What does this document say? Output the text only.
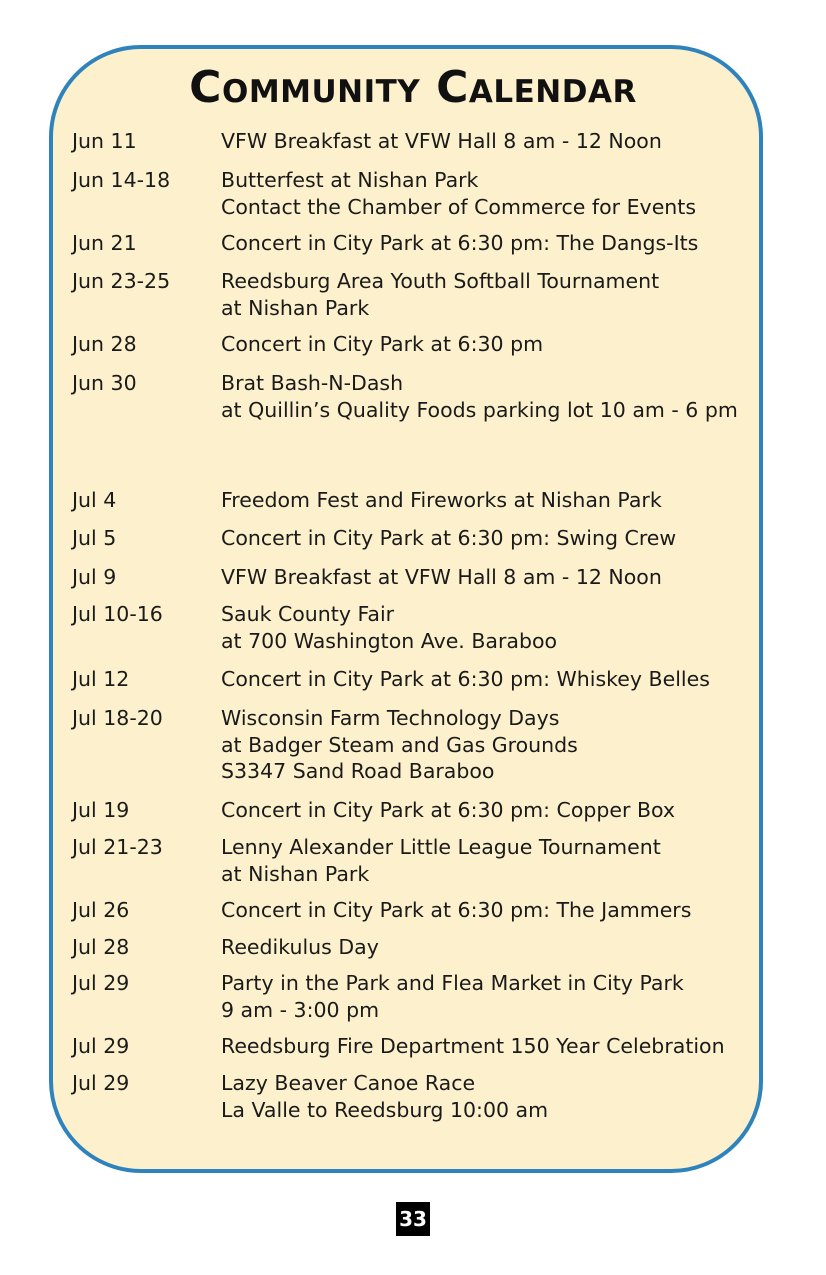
Community Calendar
Jun 11	VFW Breakfast at VFW Hall 8 am - 12 Noon
Jun 14-18	Butterfest at Nishan Park
Contact the Chamber of Commerce for Events
Jun 21	Concert in City Park at 6:30 pm: The Dangs-Its
Jun 23-25	Reedsburg Area Youth Softball Tournament
at Nishan Park
Jun 28	Concert in City Park at 6:30 pm
Jun 30	Brat Bash-N-Dash
at Quillin’s Quality Foods parking lot 10 am - 6 pm
Jul 4	Freedom Fest and Fireworks at Nishan Park
Jul 5	Concert in City Park at 6:30 pm: Swing Crew
Jul 9	VFW Breakfast at VFW Hall 8 am - 12 Noon
Jul 10-16	Sauk County Fair
at 700 Washington Ave. Baraboo
Jul 12	Concert in City Park at 6:30 pm: Whiskey Belles
Jul 18-20	Wisconsin Farm Technology Days
at Badger Steam and Gas Grounds
S3347 Sand Road Baraboo
Jul 19	Concert in City Park at 6:30 pm: Copper Box
Jul 21-23	Lenny Alexander Little League Tournament
at Nishan Park
Jul 26	Concert in City Park at 6:30 pm: The Jammers
Jul 28	Reedikulus Day
Jul 29	Party in the Park and Flea Market in City Park
9 am - 3:00 pm
Jul 29	Reedsburg Fire Department 150 Year Celebration
Jul 29	Lazy Beaver Canoe Race
La Valle to Reedsburg 10:00 am
33
